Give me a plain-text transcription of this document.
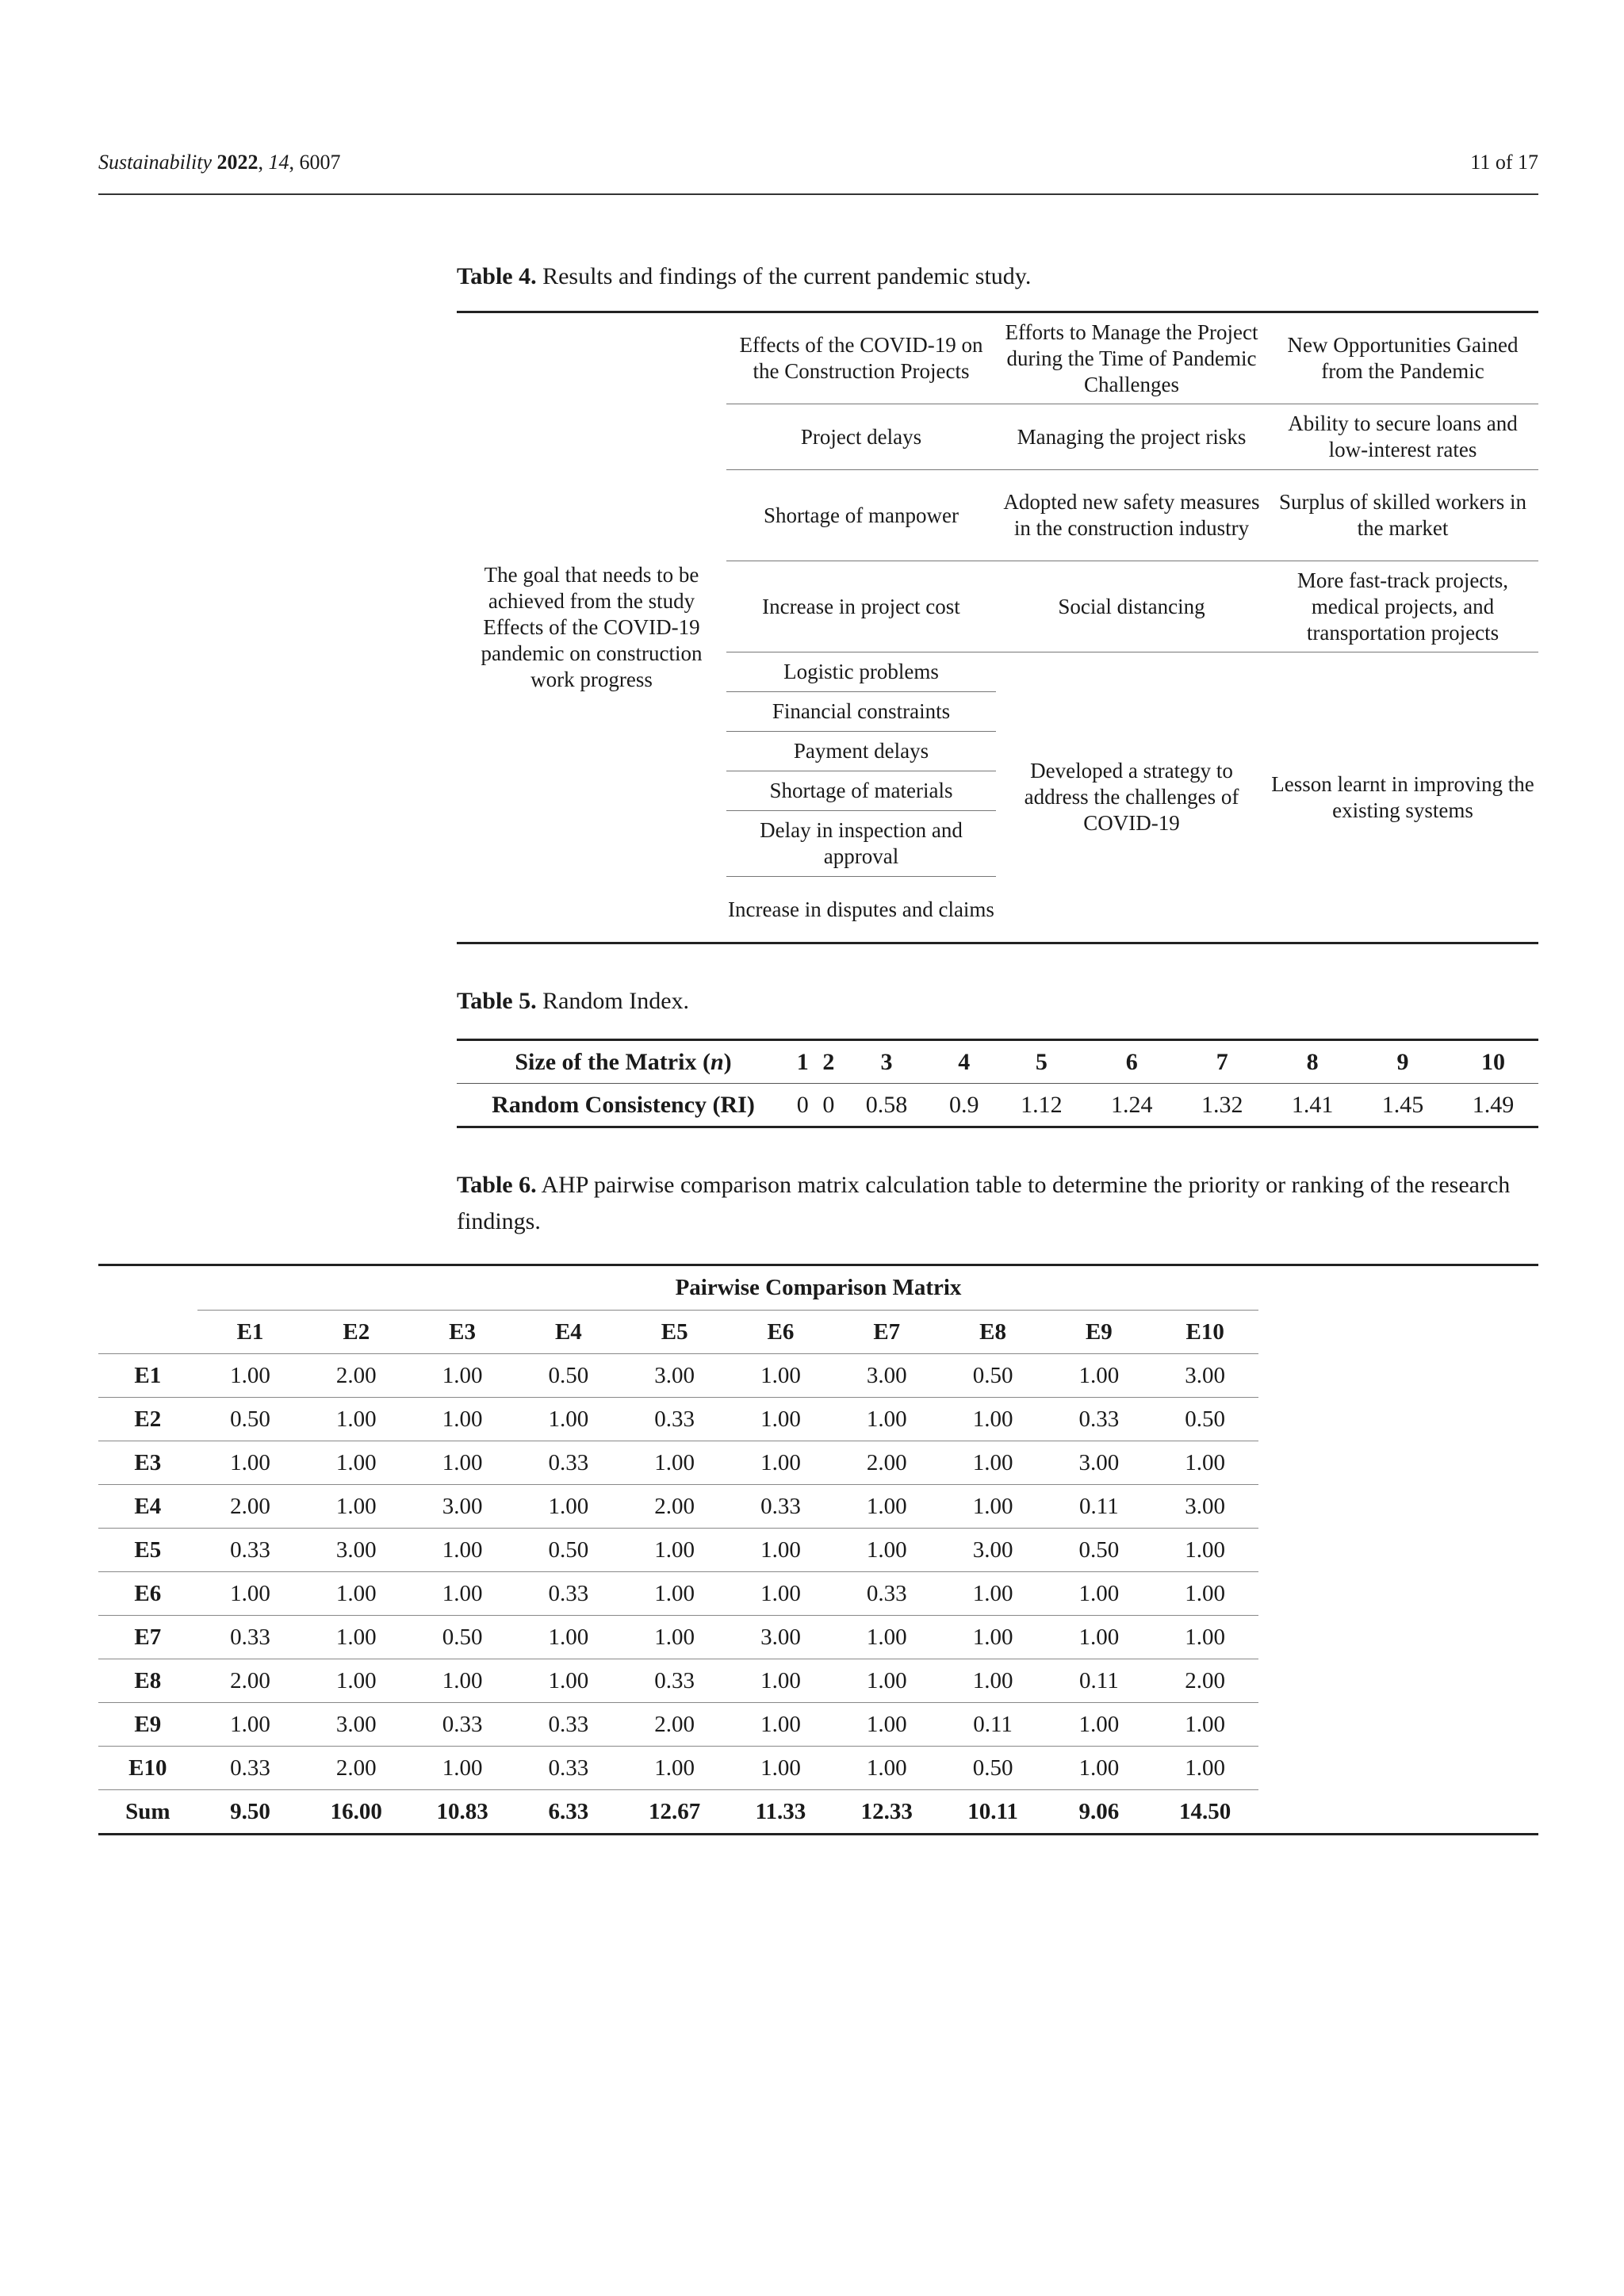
Sustainability 2022, 14, 6007	11 of 17
Table 4. Results and findings of the current pandemic study.
The goal that needs to be achieved from the study Effects of the COVID-19 pandemic on construction work progress	Effects of the COVID-19 on the Construction Projects	Efforts to Manage the Project during the Time of Pandemic Challenges	New Opportunities Gained from the Pandemic
	Project delays	Managing the project risks	Ability to secure loans and low-interest rates
	Shortage of manpower	Adopted new safety measures in the construction industry	Surplus of skilled workers in the market
	Increase in project cost	Social distancing	More fast-track projects, medical projects, and transportation projects
	Logistic problems	Developed a strategy to address the challenges of COVID-19	Lesson learnt in improving the existing systems
	Financial constraints		
	Payment delays		
	Shortage of materials		
	Delay in inspection and approval		
	Increase in disputes and claims		
Table 5. Random Index.
Size of the Matrix (n)	1	2	3	4	5	6	7	8	9	10
Random Consistency (RI)	0	0	0.58	0.9	1.12	1.24	1.32	1.41	1.45	1.49
Table 6. AHP pairwise comparison matrix calculation table to determine the priority or ranking of the research findings.
Pairwise Comparison Matrix											
	E1	E2	E3	E4	E5	E6	E7	E8	E9	E10	
E1	1.00	2.00	1.00	0.50	3.00	1.00	3.00	0.50	1.00	3.00	
E2	0.50	1.00	1.00	1.00	0.33	1.00	1.00	1.00	0.33	0.50	
E3	1.00	1.00	1.00	0.33	1.00	1.00	2.00	1.00	3.00	1.00	
E4	2.00	1.00	3.00	1.00	2.00	0.33	1.00	1.00	0.11	3.00	
E5	0.33	3.00	1.00	0.50	1.00	1.00	1.00	3.00	0.50	1.00	
E6	1.00	1.00	1.00	0.33	1.00	1.00	0.33	1.00	1.00	1.00	
E7	0.33	1.00	0.50	1.00	1.00	3.00	1.00	1.00	1.00	1.00	
E8	2.00	1.00	1.00	1.00	0.33	1.00	1.00	1.00	0.11	2.00	
E9	1.00	3.00	0.33	0.33	2.00	1.00	1.00	0.11	1.00	1.00	
E10	0.33	2.00	1.00	0.33	1.00	1.00	1.00	0.50	1.00	1.00	
Sum	9.50	16.00	10.83	6.33	12.67	11.33	12.33	10.11	9.06	14.50	
